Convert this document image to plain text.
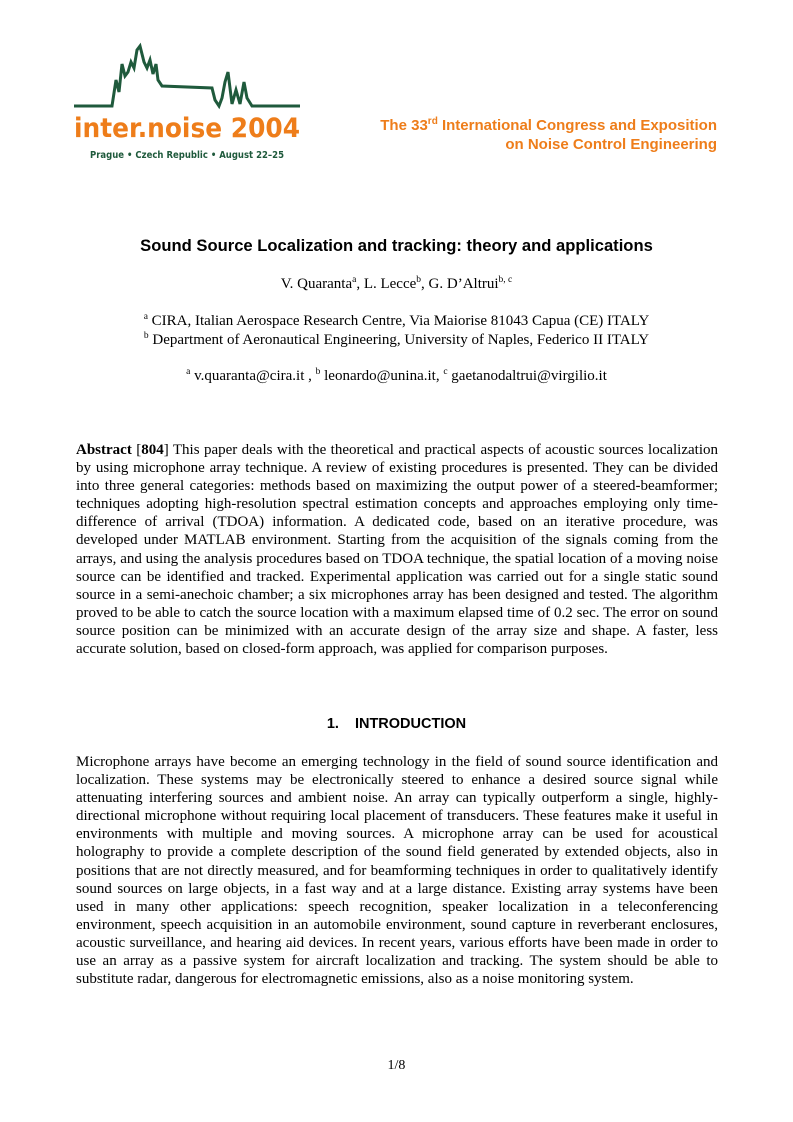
inter.noise 2004
Prague • Czech Republic • August 22–25
The 33rd International Congress and Exposition
on Noise Control Engineering
Sound Source Localization and tracking: theory and applications
V. Quaranta$^a$, L. Lecce$^b$, G. D’Altrui$^{b, c}$
$^a$ CIRA, Italian Aerospace Research Centre, Via Maiorise 81043 Capua (CE) ITALY
$^b$ Department of Aeronautical Engineering, University of Naples, Federico II ITALY
$^a$ v.quaranta@cira.it , $^b$ leonardo@unina.it, $^c$ gaetanodaltrui@virgilio.it
Abstract [804] This paper deals with the theoretical and practical aspects of acoustic sources localization by using microphone array technique. A review of existing procedures is presented. They can be divided into three general categories: methods based on maximizing the output power of a steered-beamformer; techniques adopting high-resolution spectral estimation concepts and approaches employing only time-difference of arrival (TDOA) information. A dedicated code, based on an iterative procedure, was developed under MATLAB environment. Starting from the acquisition of the signals coming from the arrays, and using the analysis procedures based on TDOA technique, the spatial location of a moving noise source can be identified and tracked. Experimental application was carried out for a single static sound source in a semi-anechoic chamber; a six microphones array has been designed and tested. The algorithm proved to be able to catch the source location with a maximum elapsed time of 0.2 sec. The error on sound source position can be minimized with an accurate design of the array size and shape. A faster, less accurate solution, based on closed-form approach, was applied for comparison purposes.
1. INTRODUCTION
Microphone arrays have become an emerging technology in the field of sound source identification and localization. These systems may be electronically steered to enhance a desired source signal while attenuating interfering sources and ambient noise. An array can typically outperform a single, highly-directional microphone without requiring local placement of transducers. These features make it useful in environments with multiple and moving sources. A microphone array can be used for acoustical holography to provide a complete description of the sound field generated by extended objects, also in positions that are not directly measured, and for beamforming techniques in order to qualitatively identify sound sources on large objects, in a fast way and at a large distance. Existing array systems have been used in many other applications: speech recognition, speaker localization in a teleconferencing environment, speech acquisition in an automobile environment, sound capture in reverberant enclosures, acoustic surveillance, and hearing aid devices. In recent years, various efforts have been made in order to use an array as a passive system for aircraft localization and tracking. The system should be able to substitute radar, dangerous for electromagnetic emissions, also as a noise monitoring system.
1/8
